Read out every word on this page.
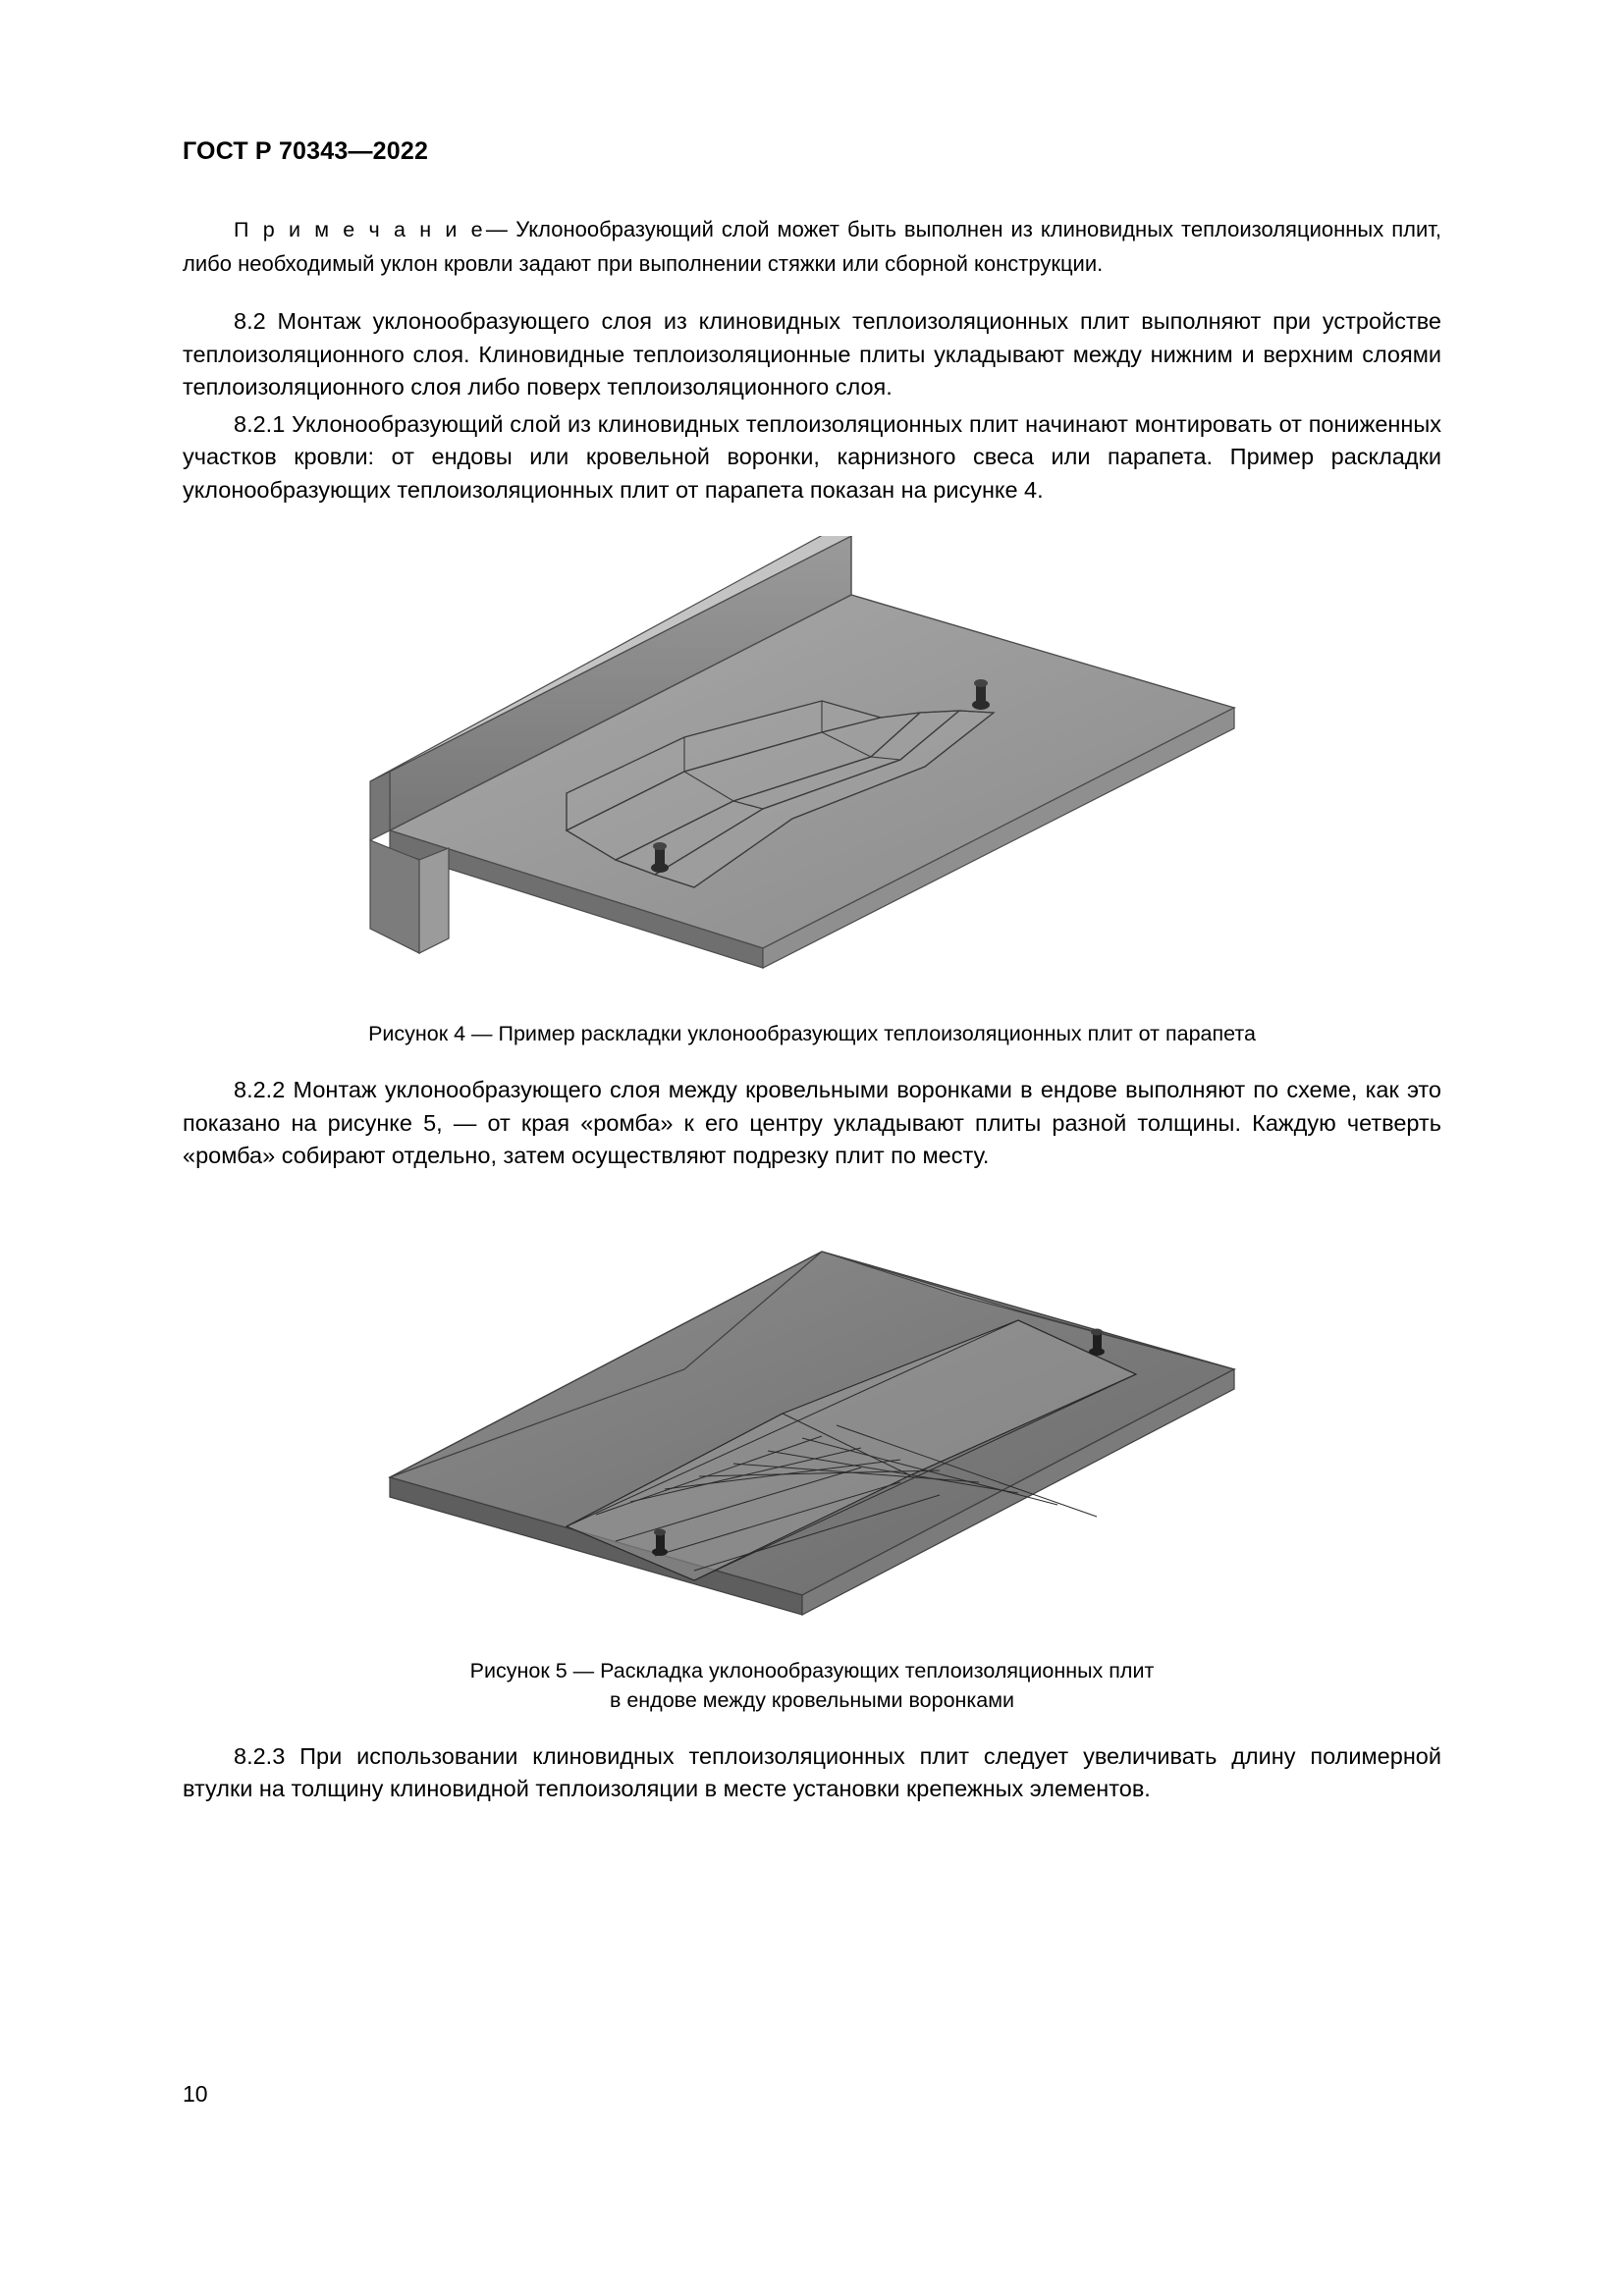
ГОСТ Р 70343—2022

П р и м е ч а н и е— Уклонообразующий слой может быть выполнен из клиновидных теплоизоляционных плит, либо необходимый уклон кровли задают при выполнении стяжки или сборной конструкции.

8.2 Монтаж уклонообразующего слоя из клиновидных теплоизоляционных плит выполняют при устройстве теплоизоляционного слоя. Клиновидные теплоизоляционные плиты укладывают между нижним и верхним слоями теплоизоляционного слоя либо поверх теплоизоляционного слоя.

8.2.1 Уклонообразующий слой из клиновидных теплоизоляционных плит начинают монтировать от пониженных участков кровли: от ендовы или кровельной воронки, карнизного свеса или парапета. Пример раскладки уклонообразующих теплоизоляционных плит от парапета показан на рисунке 4.

Рисунок 4 — Пример раскладки уклонообразующих теплоизоляционных плит от парапета

8.2.2 Монтаж уклонообразующего слоя между кровельными воронками в ендове выполняют по схеме, как это показано на рисунке 5, — от края «ромба» к его центру укладывают плиты разной толщины. Каждую четверть «ромба» собирают отдельно, затем осуществляют подрезку плит по месту.

Рисунок 5 — Раскладка уклонообразующих теплоизоляционных плит
в ендове между кровельными воронками

8.2.3 При использовании клиновидных теплоизоляционных плит следует увеличивать длину полимерной втулки на толщину клиновидной теплоизоляции в месте установки крепежных элементов.

10
